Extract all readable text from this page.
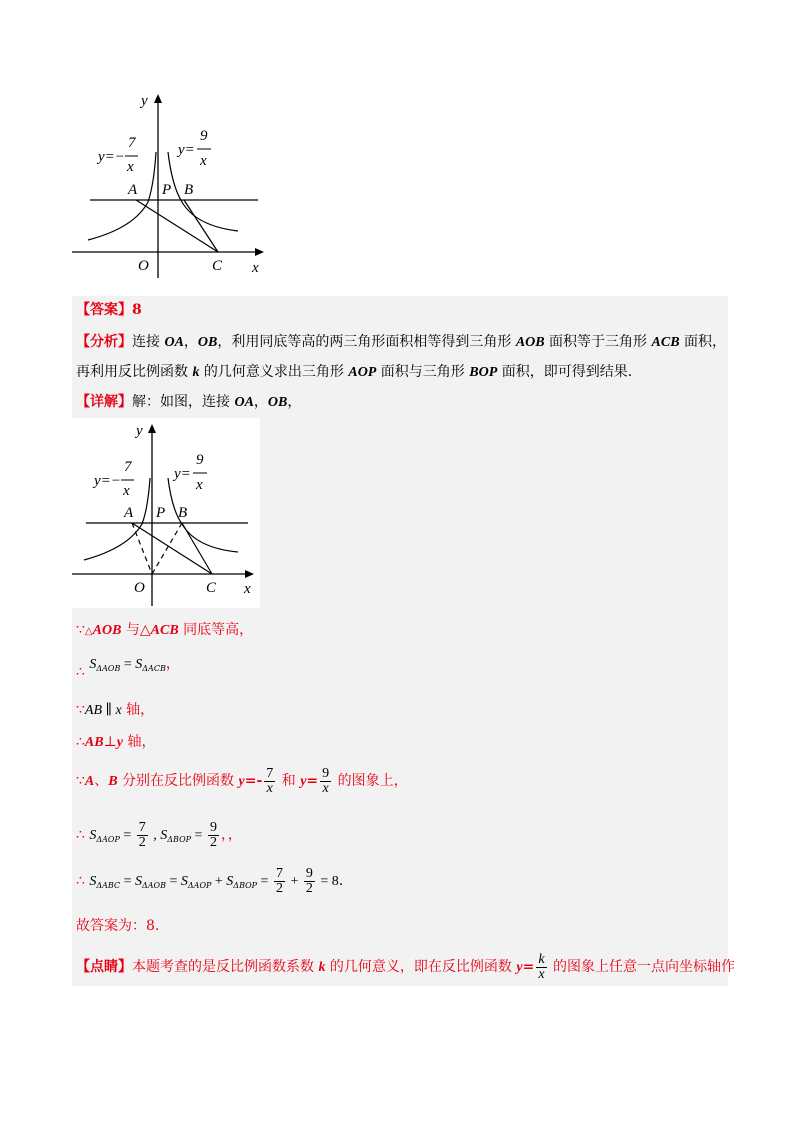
y
x
y=−
7
x
y=
9
x
A P B
O	C
【答案】8
【分析】连接 OA，OB，利用同底等高的两三角形面积相等得到三角形 AOB 面积等于三角形 ACB 面积，
再利用反比例函数 k 的几何意义求出三角形 AOP 面积与三角形 BOP 面积，即可得到结果.
【详解】解：如图，连接 OA，OB，
y
x
y=−
7
x
y=
9
x
A P B
O	C
∵△AOB 与△ACB 同底等高，
∴ $S_{\Delta AOB} = S_{\Delta ACB}$，
∵AB ∥ x 轴，
∴AB⊥y 轴，
∵A、B 分别在反比例函数 $y=- \frac{7}{x}$ 和 $y= \frac{9}{x}$ 的图象上，
∴ $S_{\Delta AOP} = \frac{7}{2}$ , $S_{\Delta BOP} = \frac{9}{2}$ ，，
∴ $S_{\Delta ABC} = S_{\Delta AOB} = S_{\Delta AOP} + S_{\Delta BOP} = \frac{7}{2} + \frac{9}{2} = 8$.
故答案为：8.
【点睛】本题考查的是反比例函数系数 k 的几何意义，即在反比例函数 $y= \frac{k}{x}$ 的图象上任意一点向坐标轴作
